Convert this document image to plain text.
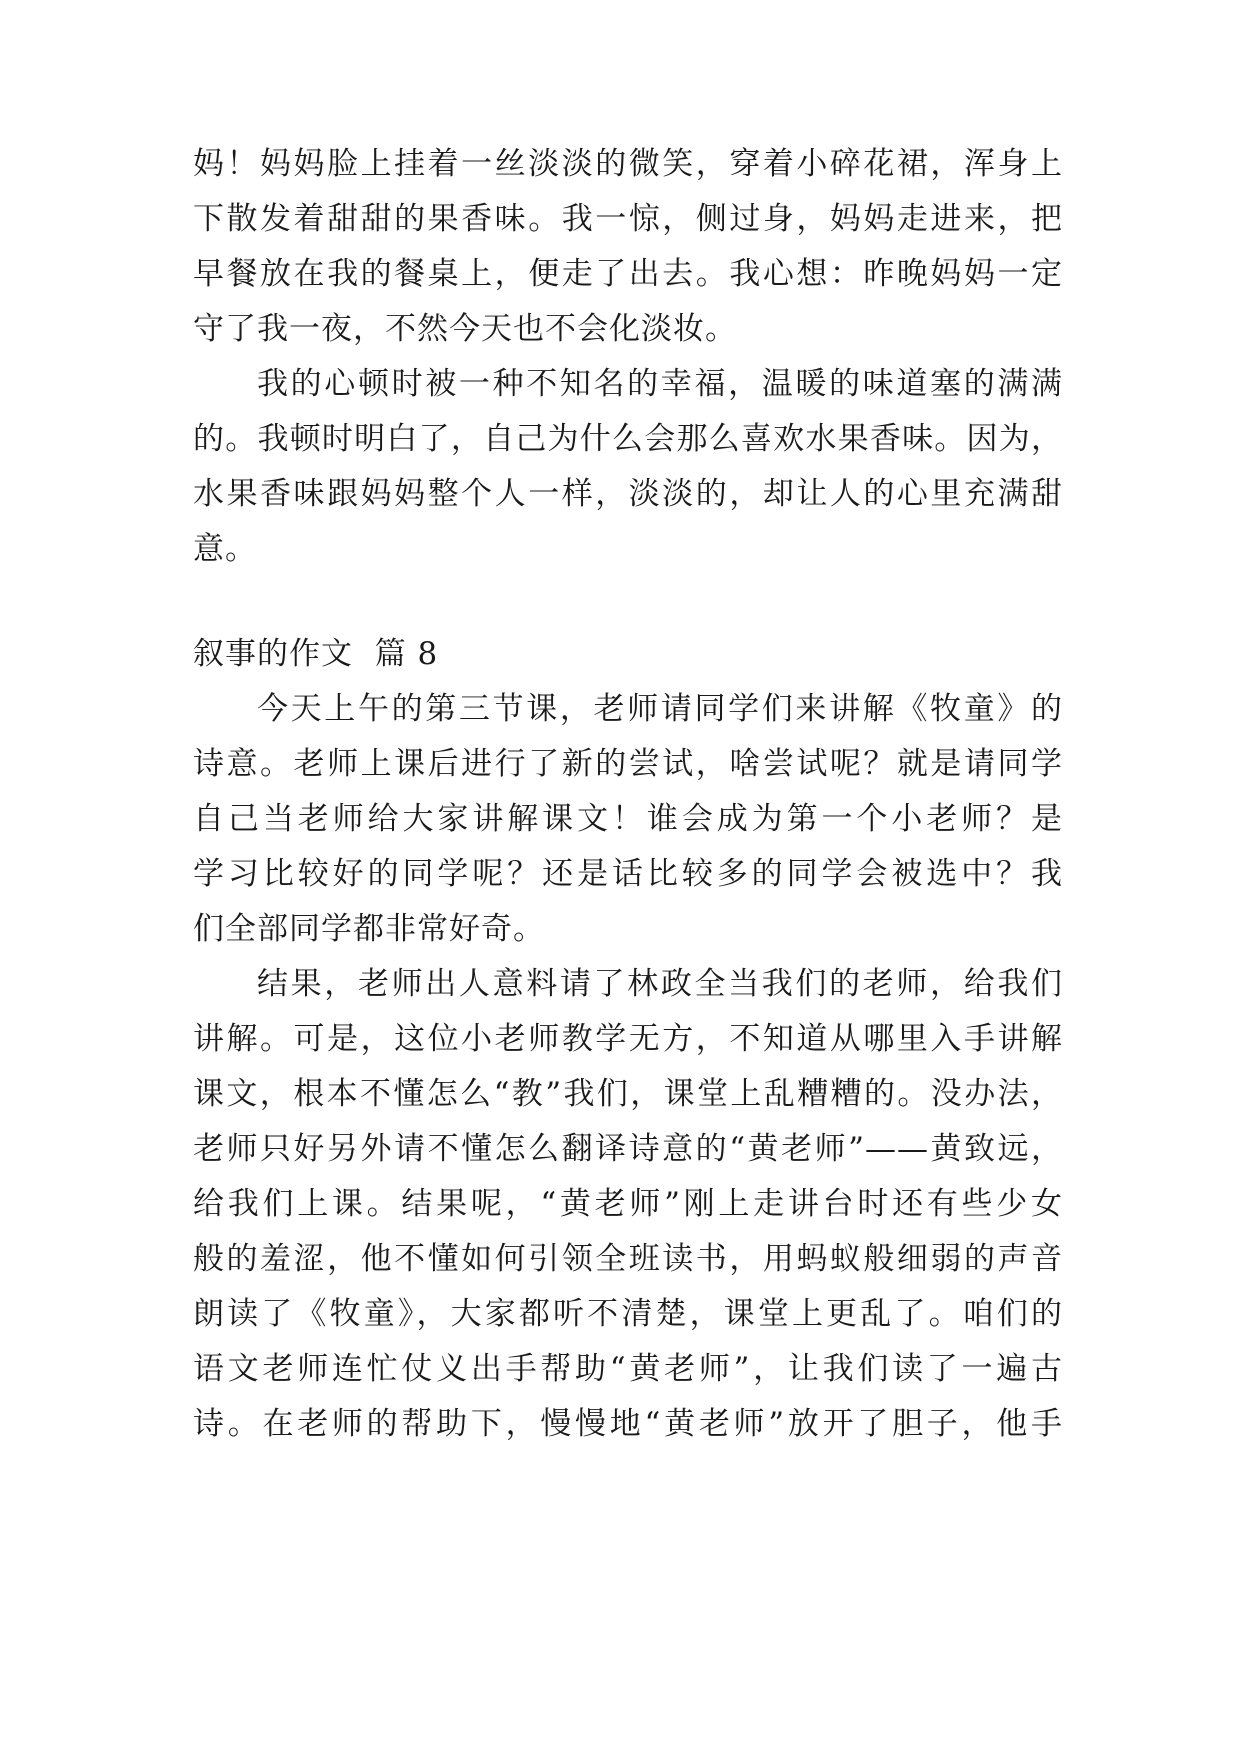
妈！妈妈脸上挂着一丝淡淡的微笑，穿着小碎花裙，浑身上
下散发着甜甜的果香味。我一惊，侧过身，妈妈走进来，把
早餐放在我的餐桌上，便走了出去。我心想：昨晚妈妈一定
守了我一夜，不然今天也不会化淡妆。
我的心顿时被一种不知名的幸福，温暖的味道塞的满满
的。我顿时明白了，自己为什么会那么喜欢水果香味。因为，
水果香味跟妈妈整个人一样，淡淡的，却让人的心里充满甜
意。
叙事的作文  篇 8
今天上午的第三节课，老师请同学们来讲解《牧童》的
诗意。老师上课后进行了新的尝试，啥尝试呢？就是请同学
自己当老师给大家讲解课文！谁会成为第一个小老师？是
学习比较好的同学呢？还是话比较多的同学会被选中？我
们全部同学都非常好奇。
结果，老师出人意料请了林政全当我们的老师，给我们
讲解。可是，这位小老师教学无方，不知道从哪里入手讲解
课文，根本不懂怎么“教”我们，课堂上乱糟糟的。没办法，
老师只好另外请不懂怎么翻译诗意的“黄老师”——黄致远，
给我们上课。结果呢，“黄老师”刚上走讲台时还有些少女
般的羞涩，他不懂如何引领全班读书，用蚂蚁般细弱的声音
朗读了《牧童》，大家都听不清楚，课堂上更乱了。咱们的
语文老师连忙仗义出手帮助“黄老师”，让我们读了一遍古
诗。在老师的帮助下，慢慢地“黄老师”放开了胆子，他手
